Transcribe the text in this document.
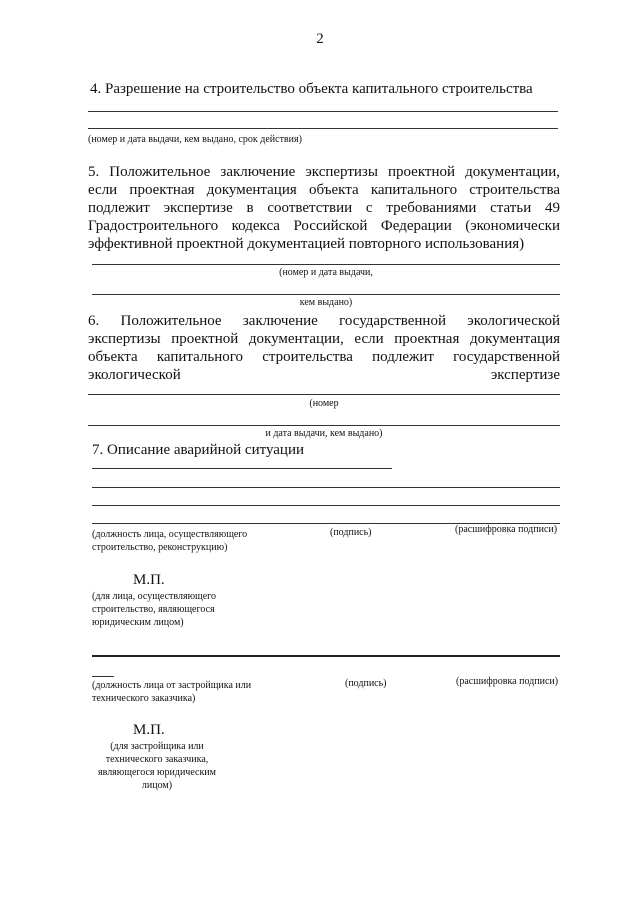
2
4. Разрешение на строительство объекта капитального строительства
(номер и дата выдачи, кем выдано, срок действия)

5. Положительное заключение экспертизы проектной документации,

если проектная документация объекта капитального строительства

подлежит экспертизе в соответствии с требованиями статьи 49

Градостроительного кодекса Российской Федерации (экономически

эффективной проектной документацией повторного использования)

(номер и дата выдачи,
кем выдано)

6. Положительное заключение государственной экологической

экспертизы проектной документации, если проектная документация

объекта капитального строительства подлежит государственной

экологической	экспертизе

(номер
и дата выдачи, кем выдано)
7. Описание аварийной ситуации
(должность лица, осуществляющего строительство, реконструкцию)
(подпись)	(расшифровка подписи)
М.П.
(для лица, осуществляющего строительство, являющегося юридическим лицом)
(должность лица от застройщика или технического заказчика)
(подпись)	(расшифровка подписи)
М.П.
(для застройщика или технического заказчика, являющегося юридическим лицом)
